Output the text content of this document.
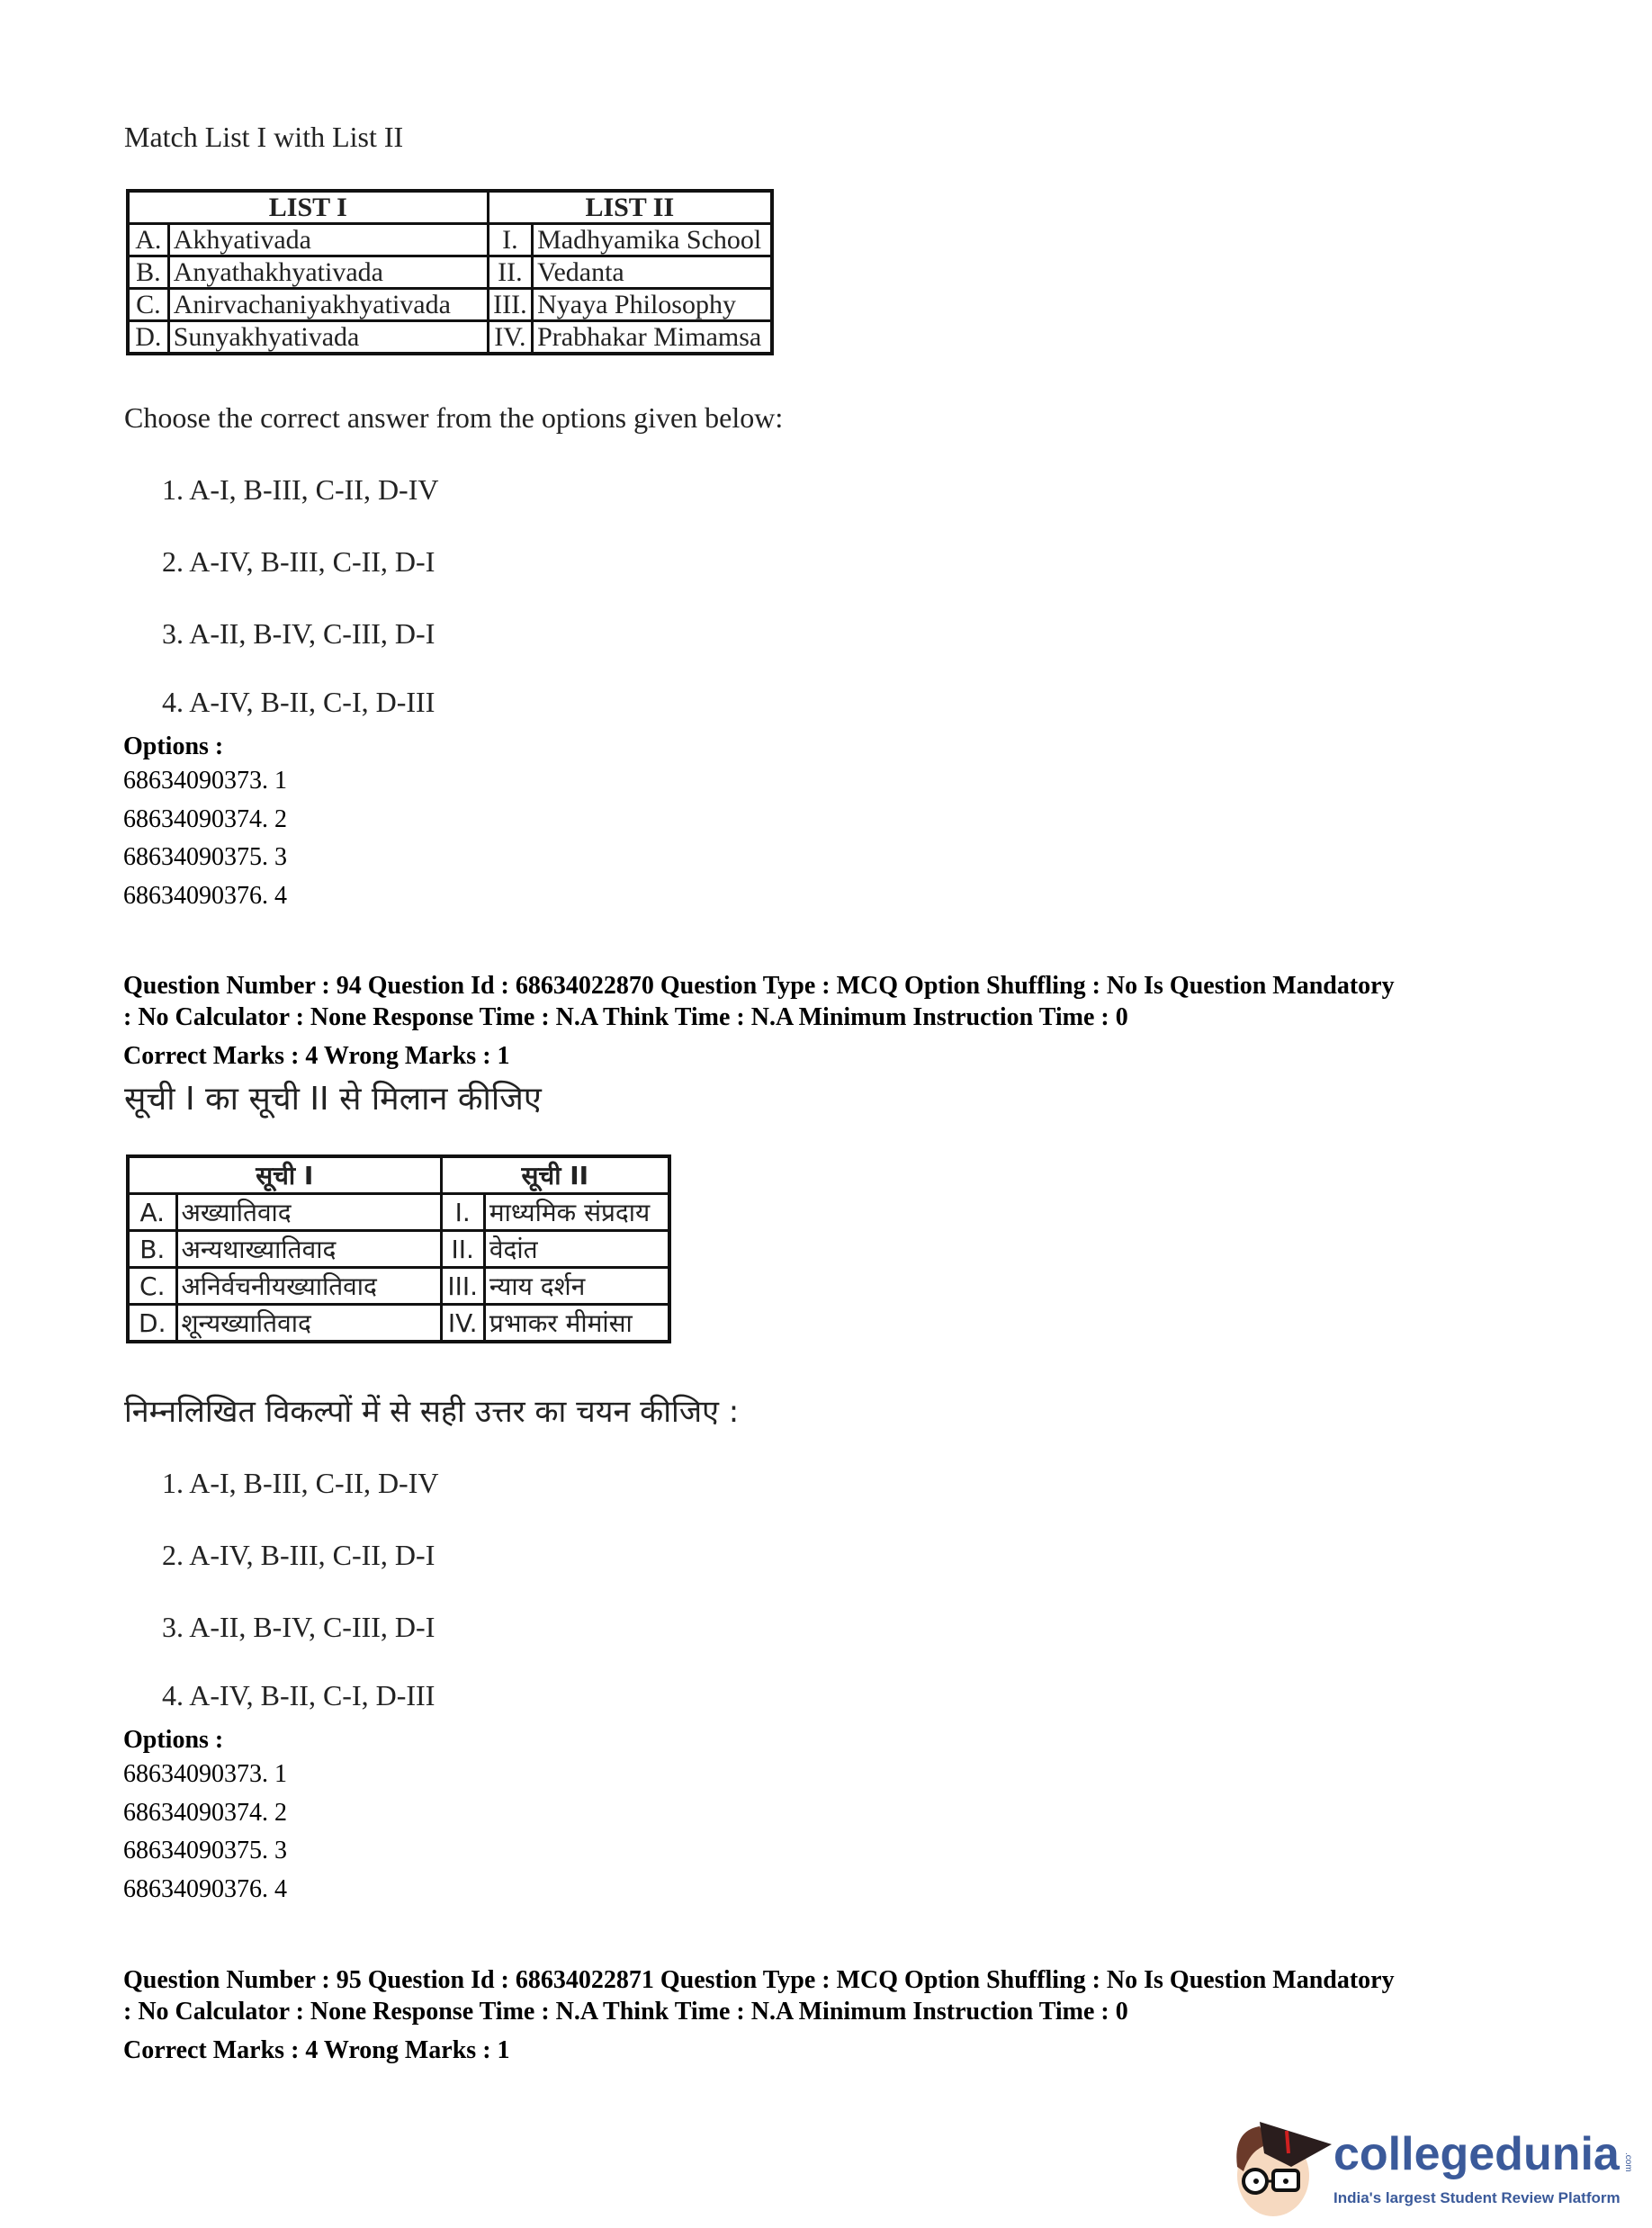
Match List I with List II
LIST I		LIST II	
A.	Akhyativada	I.	Madhyamika School
B.	Anyathakhyativada	II.	Vedanta
C.	Anirvachaniyakhyativada	III.	Nyaya Philosophy
D.	Sunyakhyativada	IV.	Prabhakar Mimamsa
Choose the correct answer from the options given below:
1. A-I, B-III, C-II, D-IV
2. A-IV, B-III, C-II, D-I
3. A-II, B-IV, C-III, D-I
4. A-IV, B-II, C-I, D-III
Options :
68634090373. 1
68634090374. 2
68634090375. 3
68634090376. 4
Question Number : 94 Question Id : 68634022870 Question Type : MCQ Option Shuffling : No Is Question Mandatory
: No Calculator : None Response Time : N.A Think Time : N.A Minimum Instruction Time : 0
Correct Marks : 4 Wrong Marks : 1
सूची I का सूची II से मिलान कीजिए
सूची I		सूची II	
A.	अख्यातिवाद	I.	माध्यमिक संप्रदाय
B.	अन्यथाख्यातिवाद	II.	वेदांत
C.	अनिर्वचनीयख्यातिवाद	III.	न्याय दर्शन
D.	शून्यख्यातिवाद	IV.	प्रभाकर मीमांसा
निम्नलिखित विकल्पों में से सही उत्तर का चयन कीजिए :
1. A-I, B-III, C-II, D-IV
2. A-IV, B-III, C-II, D-I
3. A-II, B-IV, C-III, D-I
4. A-IV, B-II, C-I, D-III
Options :
68634090373. 1
68634090374. 2
68634090375. 3
68634090376. 4
Question Number : 95 Question Id : 68634022871 Question Type : MCQ Option Shuffling : No Is Question Mandatory
: No Calculator : None Response Time : N.A Think Time : N.A Minimum Instruction Time : 0
Correct Marks : 4 Wrong Marks : 1
collegedunia .com
India's largest Student Review Platform
